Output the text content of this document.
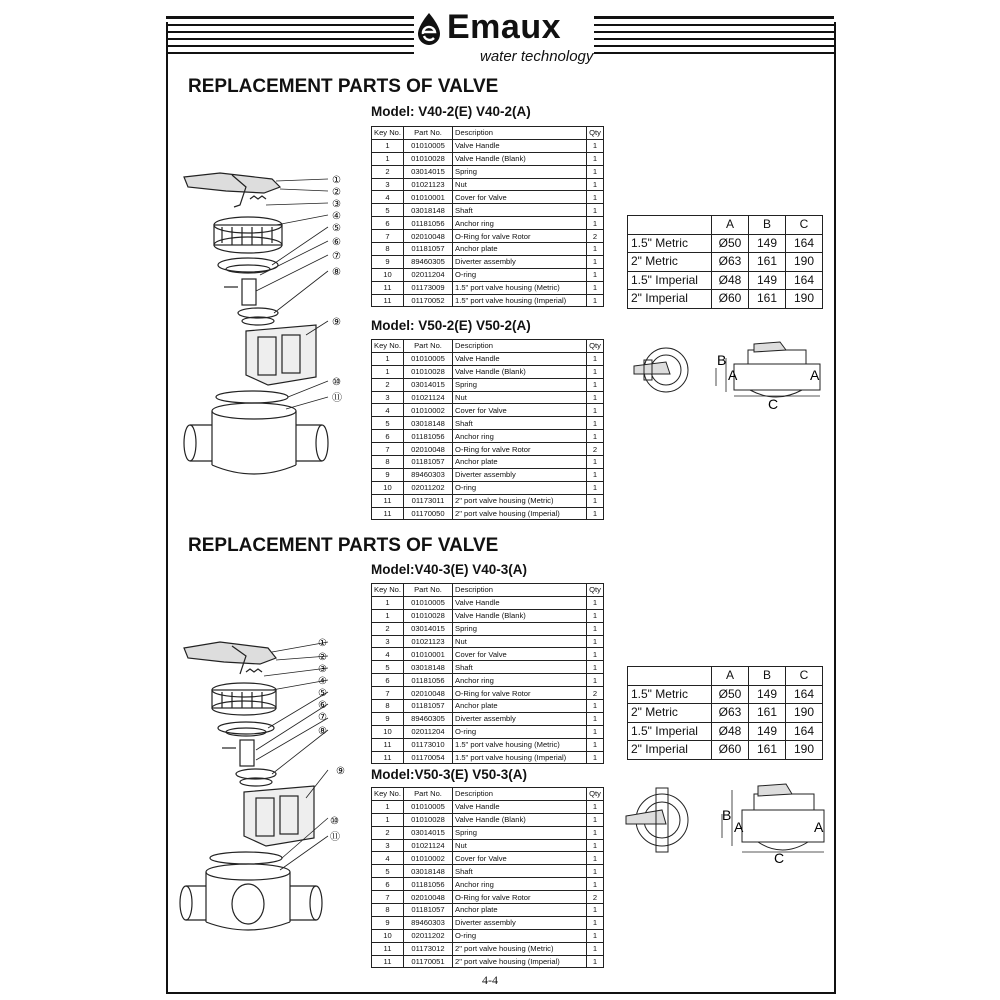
Emaux
water technology
REPLACEMENT PARTS OF VALVE
REPLACEMENT PARTS OF VALVE
Model: V40-2(E) V40-2(A)
Model: V50-2(E) V50-2(A)
Model:V40-3(E) V40-3(A)
Model:V50-3(E) V50-3(A)
Key No.	Part No.	Description	Qty
1	01010005	Valve Handle	1
1	01010028	Valve Handle (Blank)	1
2	03014015	Spring	1
3	01021123	Nut	1
4	01010001	Cover for Valve	1
5	03018148	Shaft	1
6	01181056	Anchor ring	1
7	02010048	O-Ring for valve Rotor	2
8	01181057	Anchor plate	1
9	89460305	Diverter assembly	1
10	02011204	O-ring	1
11	01173009	1.5" port valve housing (Metric)	1
11	01170052	1.5" port valve housing (Imperial)	1
Key No.	Part No.	Description	Qty
1	01010005	Valve Handle	1
1	01010028	Valve Handle (Blank)	1
2	03014015	Spring	1
3	01021124	Nut	1
4	01010002	Cover for Valve	1
5	03018148	Shaft	1
6	01181056	Anchor ring	1
7	02010048	O-Ring for valve Rotor	2
8	01181057	Anchor plate	1
9	89460303	Diverter assembly	1
10	02011202	O-ring	1
11	01173011	2" port valve housing (Metric)	1
11	01170050	2" port valve housing (Imperial)	1
Key No.	Part No.	Description	Qty
1	01010005	Valve Handle	1
1	01010028	Valve Handle (Blank)	1
2	03014015	Spring	1
3	01021123	Nut	1
4	01010001	Cover for Valve	1
5	03018148	Shaft	1
6	01181056	Anchor ring	1
7	02010048	O-Ring for valve Rotor	2
8	01181057	Anchor plate	1
9	89460305	Diverter assembly	1
10	02011204	O-ring	1
11	01173010	1.5" port valve housing (Metric)	1
11	01170054	1.5" port valve housing (Imperial)	1
Key No.	Part No.	Description	Qty
1	01010005	Valve Handle	1
1	01010028	Valve Handle (Blank)	1
2	03014015	Spring	1
3	01021124	Nut	1
4	01010002	Cover for Valve	1
5	03018148	Shaft	1
6	01181056	Anchor ring	1
7	02010048	O-Ring for valve Rotor	2
8	01181057	Anchor plate	1
9	89460303	Diverter assembly	1
10	02011202	O-ring	1
11	01173012	2" port valve housing (Metric)	1
11	01170051	2" port valve housing (Imperial)	1
	A	B	C
1.5" Metric	Ø50	149	164
2" Metric	Ø63	161	190
1.5" Imperial	Ø48	149	164
2" Imperial	Ø60	161	190
	A	B	C
1.5" Metric	Ø50	149	164
2" Metric	Ø63	161	190
1.5" Imperial	Ø48	149	164
2" Imperial	Ø60	161	190
①
②
③
④
⑤
⑥
⑦
⑧
⑨
⑩
⑪
①
②
③
④
⑤
⑥
⑦
⑧
⑨
⑩
⑪
B
A	A
C
B
A	A
C
4-4
